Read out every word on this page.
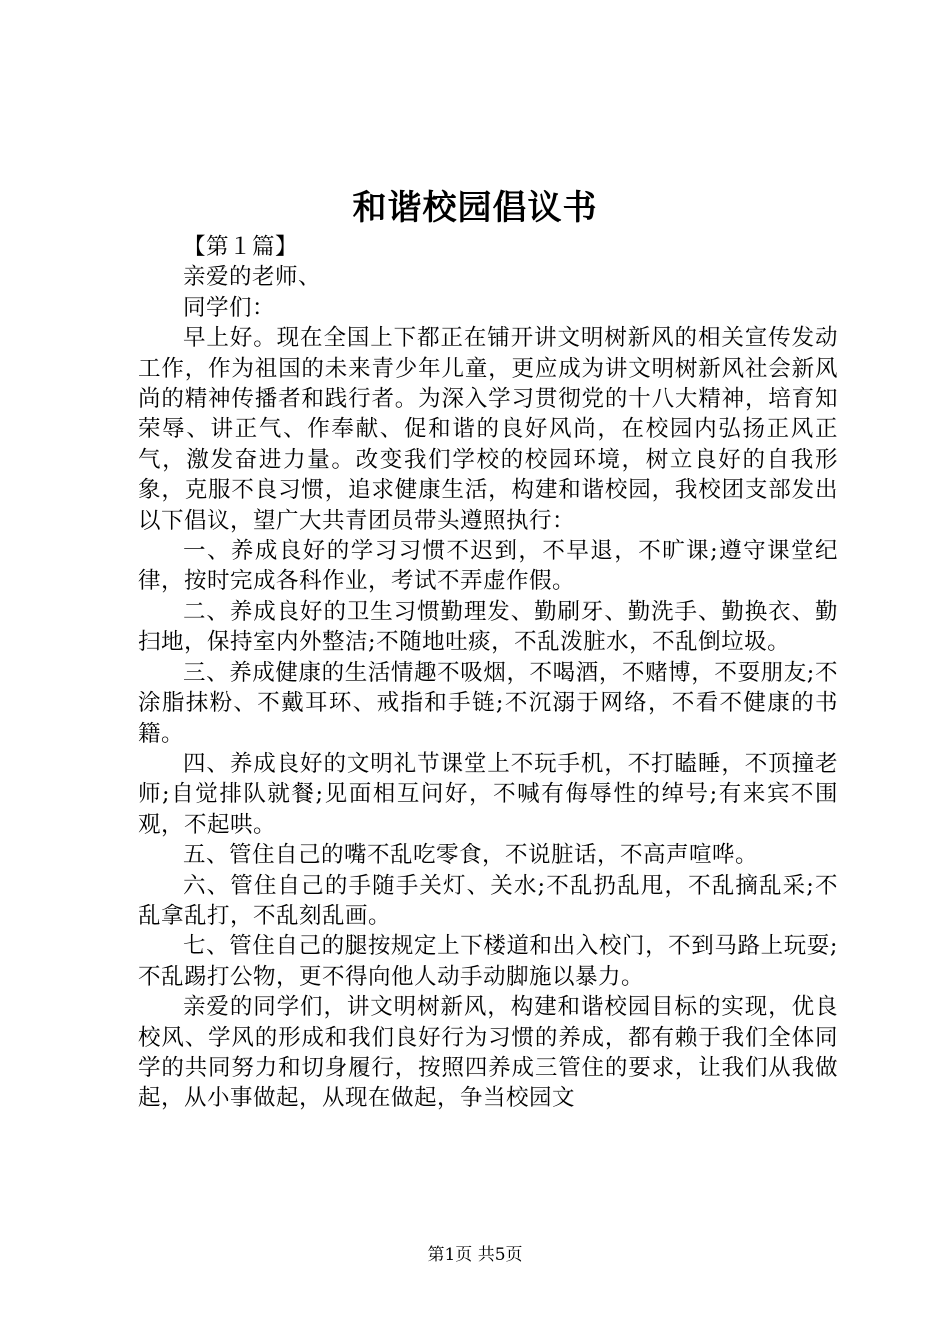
和谐校园倡议书

【第１篇】

亲爱的老师、

同学们：

早上好。现在全国上下都正在铺开讲文明树新风的相关宣传发动工作，作为祖国的未来青少年儿童，更应成为讲文明树新风社会新风尚的精神传播者和践行者。为深入学习贯彻党的十八大精神，培育知荣辱、讲正气、作奉献、促和谐的良好风尚，在校园内弘扬正风正气，激发奋进力量。改变我们学校的校园环境，树立良好的自我形象，克服不良习惯，追求健康生活，构建和谐校园，我校团支部发出以下倡议，望广大共青团员带头遵照执行：

一、养成良好的学习习惯不迟到，不早退，不旷课;遵守课堂纪律，按时完成各科作业，考试不弄虚作假。

二、养成良好的卫生习惯勤理发、勤刷牙、勤洗手、勤换衣、勤扫地，保持室内外整洁;不随地吐痰，不乱泼脏水，不乱倒垃圾。

三、养成健康的生活情趣不吸烟，不喝酒，不赌博，不耍朋友;不涂脂抹粉、不戴耳环、戒指和手链;不沉溺于网络，不看不健康的书籍。

四、养成良好的文明礼节课堂上不玩手机，不打瞌睡，不顶撞老师;自觉排队就餐;见面相互问好，不喊有侮辱性的绰号;有来宾不围观，不起哄。

五、管住自己的嘴不乱吃零食，不说脏话，不高声喧哗。

六、管住自己的手随手关灯、关水;不乱扔乱甩，不乱摘乱采;不乱拿乱打，不乱刻乱画。

七、管住自己的腿按规定上下楼道和出入校门，不到马路上玩耍;不乱踢打公物，更不得向他人动手动脚施以暴力。

亲爱的同学们，讲文明树新风，构建和谐校园目标的实现，优良校风、学风的形成和我们良好行为习惯的养成，都有赖于我们全体同学的共同努力和切身履行，按照四养成三管住的要求，让我们从我做起，从小事做起，从现在做起，争当校园文

第1页 共5页
